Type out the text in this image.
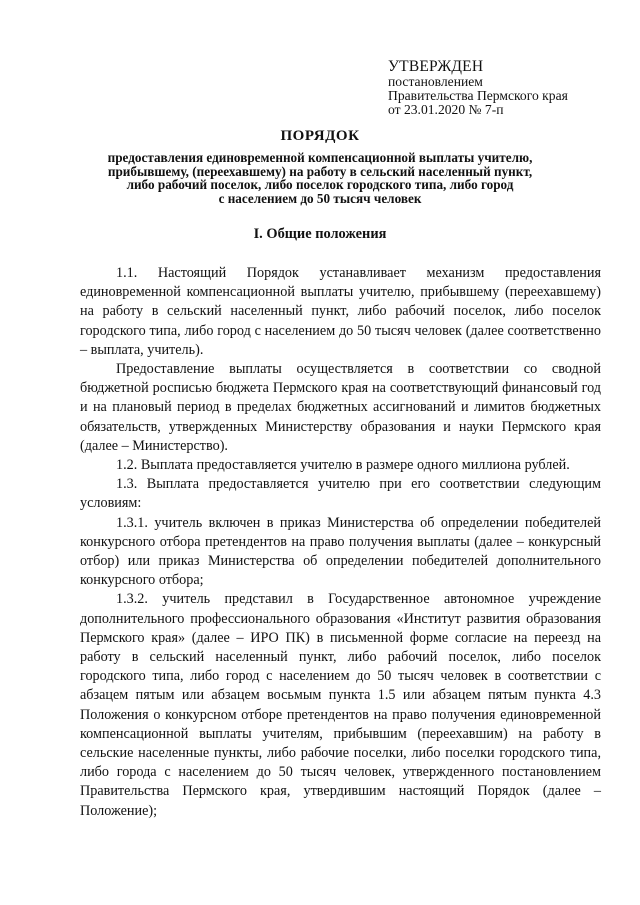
УТВЕРЖДЕН
постановлением
Правительства Пермского края
от 23.01.2020 № 7-п
ПОРЯДОК
предоставления единовременной компенсационной выплаты учителю,
прибывшему, (переехавшему) на работу в сельский населенный пункт,
либо рабочий поселок, либо поселок городского типа, либо город
с населением до 50 тысяч человек
I. Общие положения

1.1. Настоящий Порядок устанавливает механизм предоставления единовременной компенсационной выплаты учителю, прибывшему (переехавшему) на работу в сельский населенный пункт, либо рабочий поселок, либо поселок городского типа, либо город с населением до 50 тысяч человек (далее соответственно – выплата, учитель).

Предоставление выплаты осуществляется в соответствии со сводной бюджетной росписью бюджета Пермского края на соответствующий финансовый год и на плановый период в пределах бюджетных ассигнований и лимитов бюджетных обязательств, утвержденных Министерству образования и науки Пермского края (далее – Министерство).

1.2. Выплата предоставляется учителю в размере одного миллиона рублей.

1.3. Выплата предоставляется учителю при его соответствии следующим условиям:

1.3.1. учитель включен в приказ Министерства об определении победителей конкурсного отбора претендентов на право получения выплаты (далее – конкурсный отбор) или приказ Министерства об определении победителей дополнительного конкурсного отбора;

1.3.2. учитель представил в Государственное автономное учреждение дополнительного профессионального образования «Институт развития образования Пермского края» (далее – ИРО ПК) в письменной форме согласие на переезд на работу в сельский населенный пункт, либо рабочий поселок, либо поселок городского типа, либо город с населением до 50 тысяч человек в соответствии с абзацем пятым или абзацем восьмым пункта 1.5 или абзацем пятым пункта 4.3 Положения о конкурсном отборе претендентов на право получения единовременной компенсационной выплаты учителям, прибывшим (переехавшим) на работу в сельские населенные пункты, либо рабочие поселки, либо поселки городского типа, либо города с населением до 50 тысяч человек, утвержденного постановлением Правительства Пермского края, утвердившим настоящий Порядок (далее – Положение);
